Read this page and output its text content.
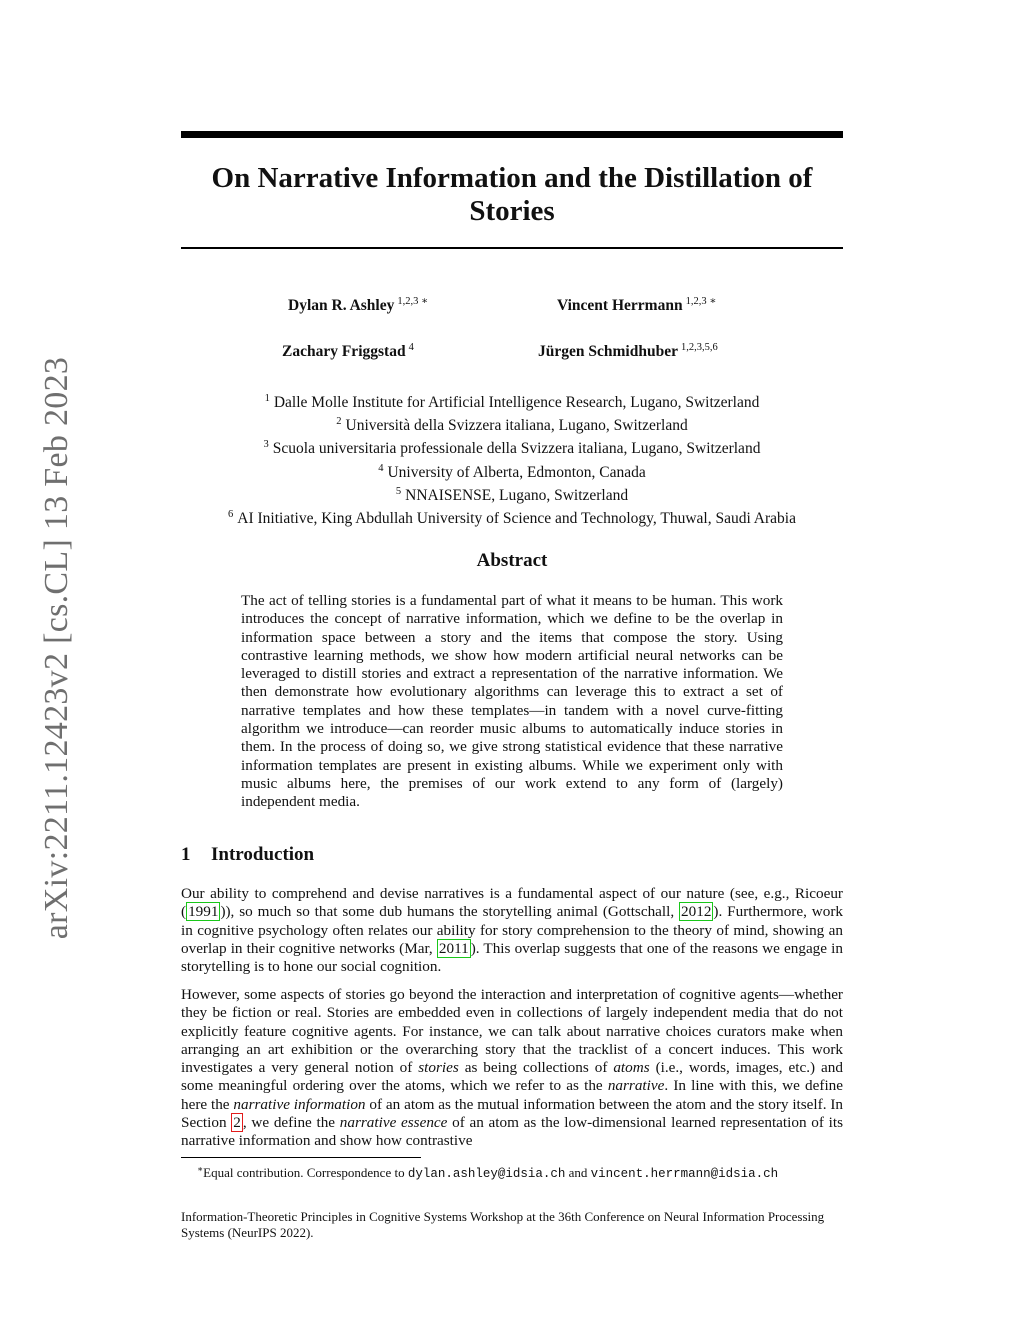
arXiv:2211.12423v2 [cs.CL] 13 Feb 2023
On Narrative Information and the Distillation of Stories
Dylan R. Ashley $^{1,2,3 ∗}$	Vincent Herrmann $^{1,2,3 ∗}$
Zachary Friggstad $^4$	Jürgen Schmidhuber $^{1,2,3,5,6}$
$^1$ Dalle Molle Institute for Artificial Intelligence Research, Lugano, Switzerland
$^2$ Università della Svizzera italiana, Lugano, Switzerland
$^3$ Scuola universitaria professionale della Svizzera italiana, Lugano, Switzerland
$^4$ University of Alberta, Edmonton, Canada
$^5$ NNAISENSE, Lugano, Switzerland
$^6$ AI Initiative, King Abdullah University of Science and Technology, Thuwal, Saudi Arabia
Abstract

The act of telling stories is a fundamental part of what it means to be human. This work introduces the concept of narrative information, which we define to be the overlap in information space between a story and the items that compose the story. Using contrastive learning methods, we show how modern artificial neural networks can be leveraged to distill stories and extract a representation of the narrative information. We then demonstrate how evolutionary algorithms can leverage this to extract a set of narrative templates and how these templates—in tandem with a novel curve-fitting algorithm we introduce—can reorder music albums to automatically induce stories in them. In the process of doing so, we give strong statistical evidence that these narrative information templates are present in existing albums. While we experiment only with music albums here, the premises of our work extend to any form of (largely) independent media.

1 Introduction

Our ability to comprehend and devise narratives is a fundamental aspect of our nature (see, e.g., Ricoeur ( 1991 )), so much so that some dub humans the storytelling animal (Gottschall, 2012 ). Furthermore, work in cognitive psychology often relates our ability for story comprehension to the theory of mind, showing an overlap in their cognitive networks (Mar, 2011 ). This overlap suggests that one of the reasons we engage in storytelling is to hone our social cognition.

However, some aspects of stories go beyond the interaction and interpretation of cognitive agents—whether they be fiction or real. Stories are embedded even in collections of largely independent media that do not explicitly feature cognitive agents. For instance, we can talk about narrative choices curators make when arranging an art exhibition or the overarching story that the tracklist of a concert induces. This work investigates a very general notion of stories as being collections of atoms (i.e., words, images, etc.) and some meaningful ordering over the atoms, which we refer to as the narrative. In line with this, we define here the narrative information of an atom as the mutual information between the atom and the story itself. In Section 2 , we define the narrative essence of an atom as the low-dimensional learned representation of its narrative information and show how contrastive

∗Equal contribution. Correspondence to dylan.ashley@idsia.ch and vincent.herrmann@idsia.ch
Information-Theoretic Principles in Cognitive Systems Workshop at the 36th Conference on Neural Information Processing Systems (NeurIPS 2022).
